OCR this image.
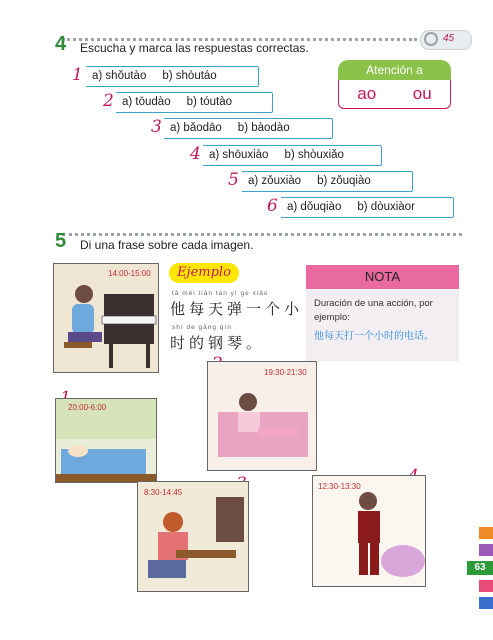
45
4 Escucha y marca las respuestas correctas.
1 a) shǒutào b) shòutáo
2 a) tōudào b) tóutào
3 a) bǎodāo b) bàodào
4 a) shōuxiào b) shòuxiǎo
5 a) zǒuxiào b) zǒuqiào
6 a) dǒuqiào b) dòuxiàor
Atención a
ao ou
5 Di una frase sobre cada imagen.
14:00-15:00	Ejemplo
tā měi tiān tán yí ge xiǎo
他每天弹一个小
shí de gāng qín
时的钢琴。
NOTA
Duración de una acción, por ejemplo:
他每天打一个小时的电话。
20:00-6:00
19:30-21:30
8:30-14:45
12:30-13:30
63
